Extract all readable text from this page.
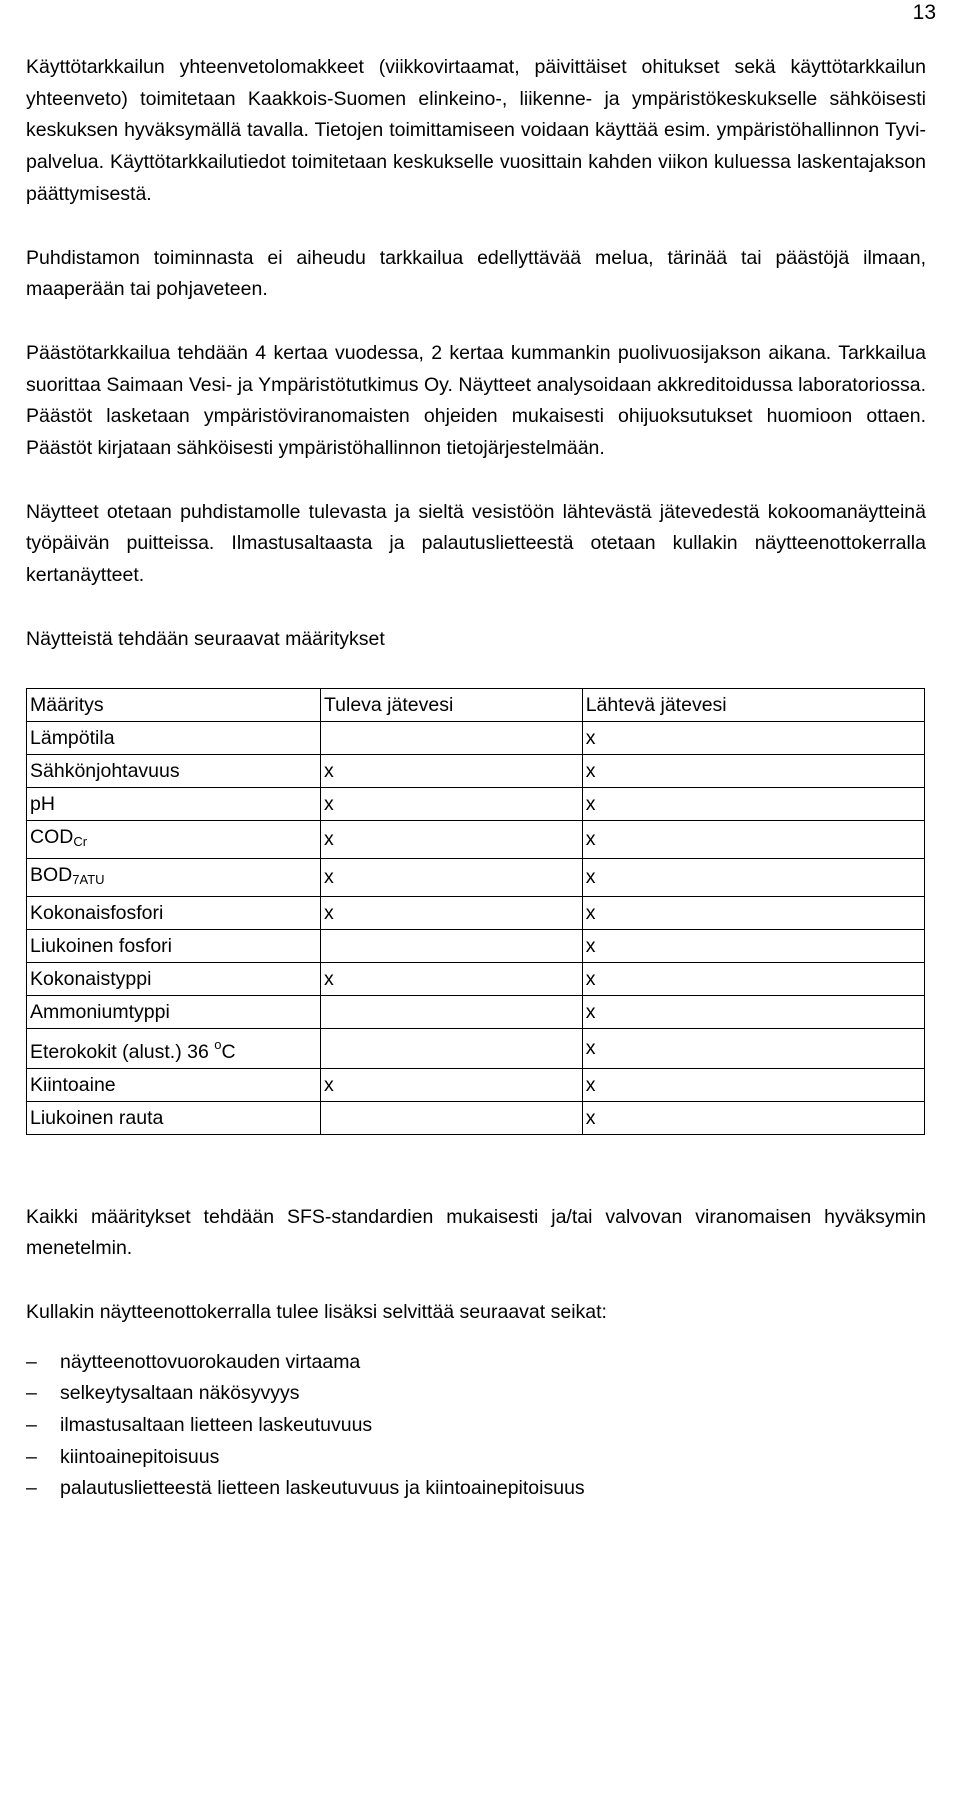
13

Käyttötarkkailun yhteenvetolomakkeet (viikkovirtaamat, päivittäiset ohitukset sekä käyttötarkkailun yhteenveto) toimitetaan Kaakkois-Suomen elinkeino-, liikenne- ja ympäristökeskukselle sähköisesti keskuksen hyväksymällä tavalla. Tietojen toimittamiseen voidaan käyttää esim. ympäristöhallinnon Tyvi-palvelua. Käyttötarkkailutiedot toimitetaan keskukselle vuosittain kahden viikon kuluessa laskentajakson päättymisestä.

Puhdistamon toiminnasta ei aiheudu tarkkailua edellyttävää melua, tärinää tai päästöjä ilmaan, maaperään tai pohjaveteen.

Päästötarkkailua tehdään 4 kertaa vuodessa, 2 kertaa kummankin puolivuosijakson aikana. Tarkkailua suorittaa Saimaan Vesi- ja Ympäristötutkimus Oy. Näytteet analysoidaan akkreditoidussa laboratoriossa. Päästöt lasketaan ympäristöviranomaisten ohjeiden mukaisesti ohijuoksutukset huomioon ottaen. Päästöt kirjataan sähköisesti ympäristöhallinnon tietojärjestelmään.

Näytteet otetaan puhdistamolle tulevasta ja sieltä vesistöön lähtevästä jätevedestä kokoomanäytteinä työpäivän puitteissa. Ilmastusaltaasta ja palautuslietteestä otetaan kullakin näytteenottokerralla kertanäytteet.

Näytteistä tehdään seuraavat määritykset

Määritys	Tuleva jätevesi	Lähtevä jätevesi
Lämpötila		x
Sähkönjohtavuus	x	x
pH	x	x
$COD_{Cr}$	x	x
$BOD_{7ATU}$	x	x
Kokonaisfosfori	x	x
Liukoinen fosfori		x
Kokonaistyppi	x	x
Ammoniumtyppi		x
Eterokokit (alust.) 36 $^o$C		x
Kiintoaine	x	x
Liukoinen rauta		x

Kaikki määritykset tehdään SFS-standardien mukaisesti ja/tai valvovan viranomaisen hyväksymin menetelmin.

Kullakin näytteenottokerralla tulee lisäksi selvittää seuraavat seikat:

– näytteenottovuorokauden virtaama
– selkeytysaltaan näkösyvyys
– ilmastusaltaan lietteen laskeutuvuus
– kiintoainepitoisuus
– palautuslietteestä lietteen laskeutuvuus ja kiintoainepitoisuus
